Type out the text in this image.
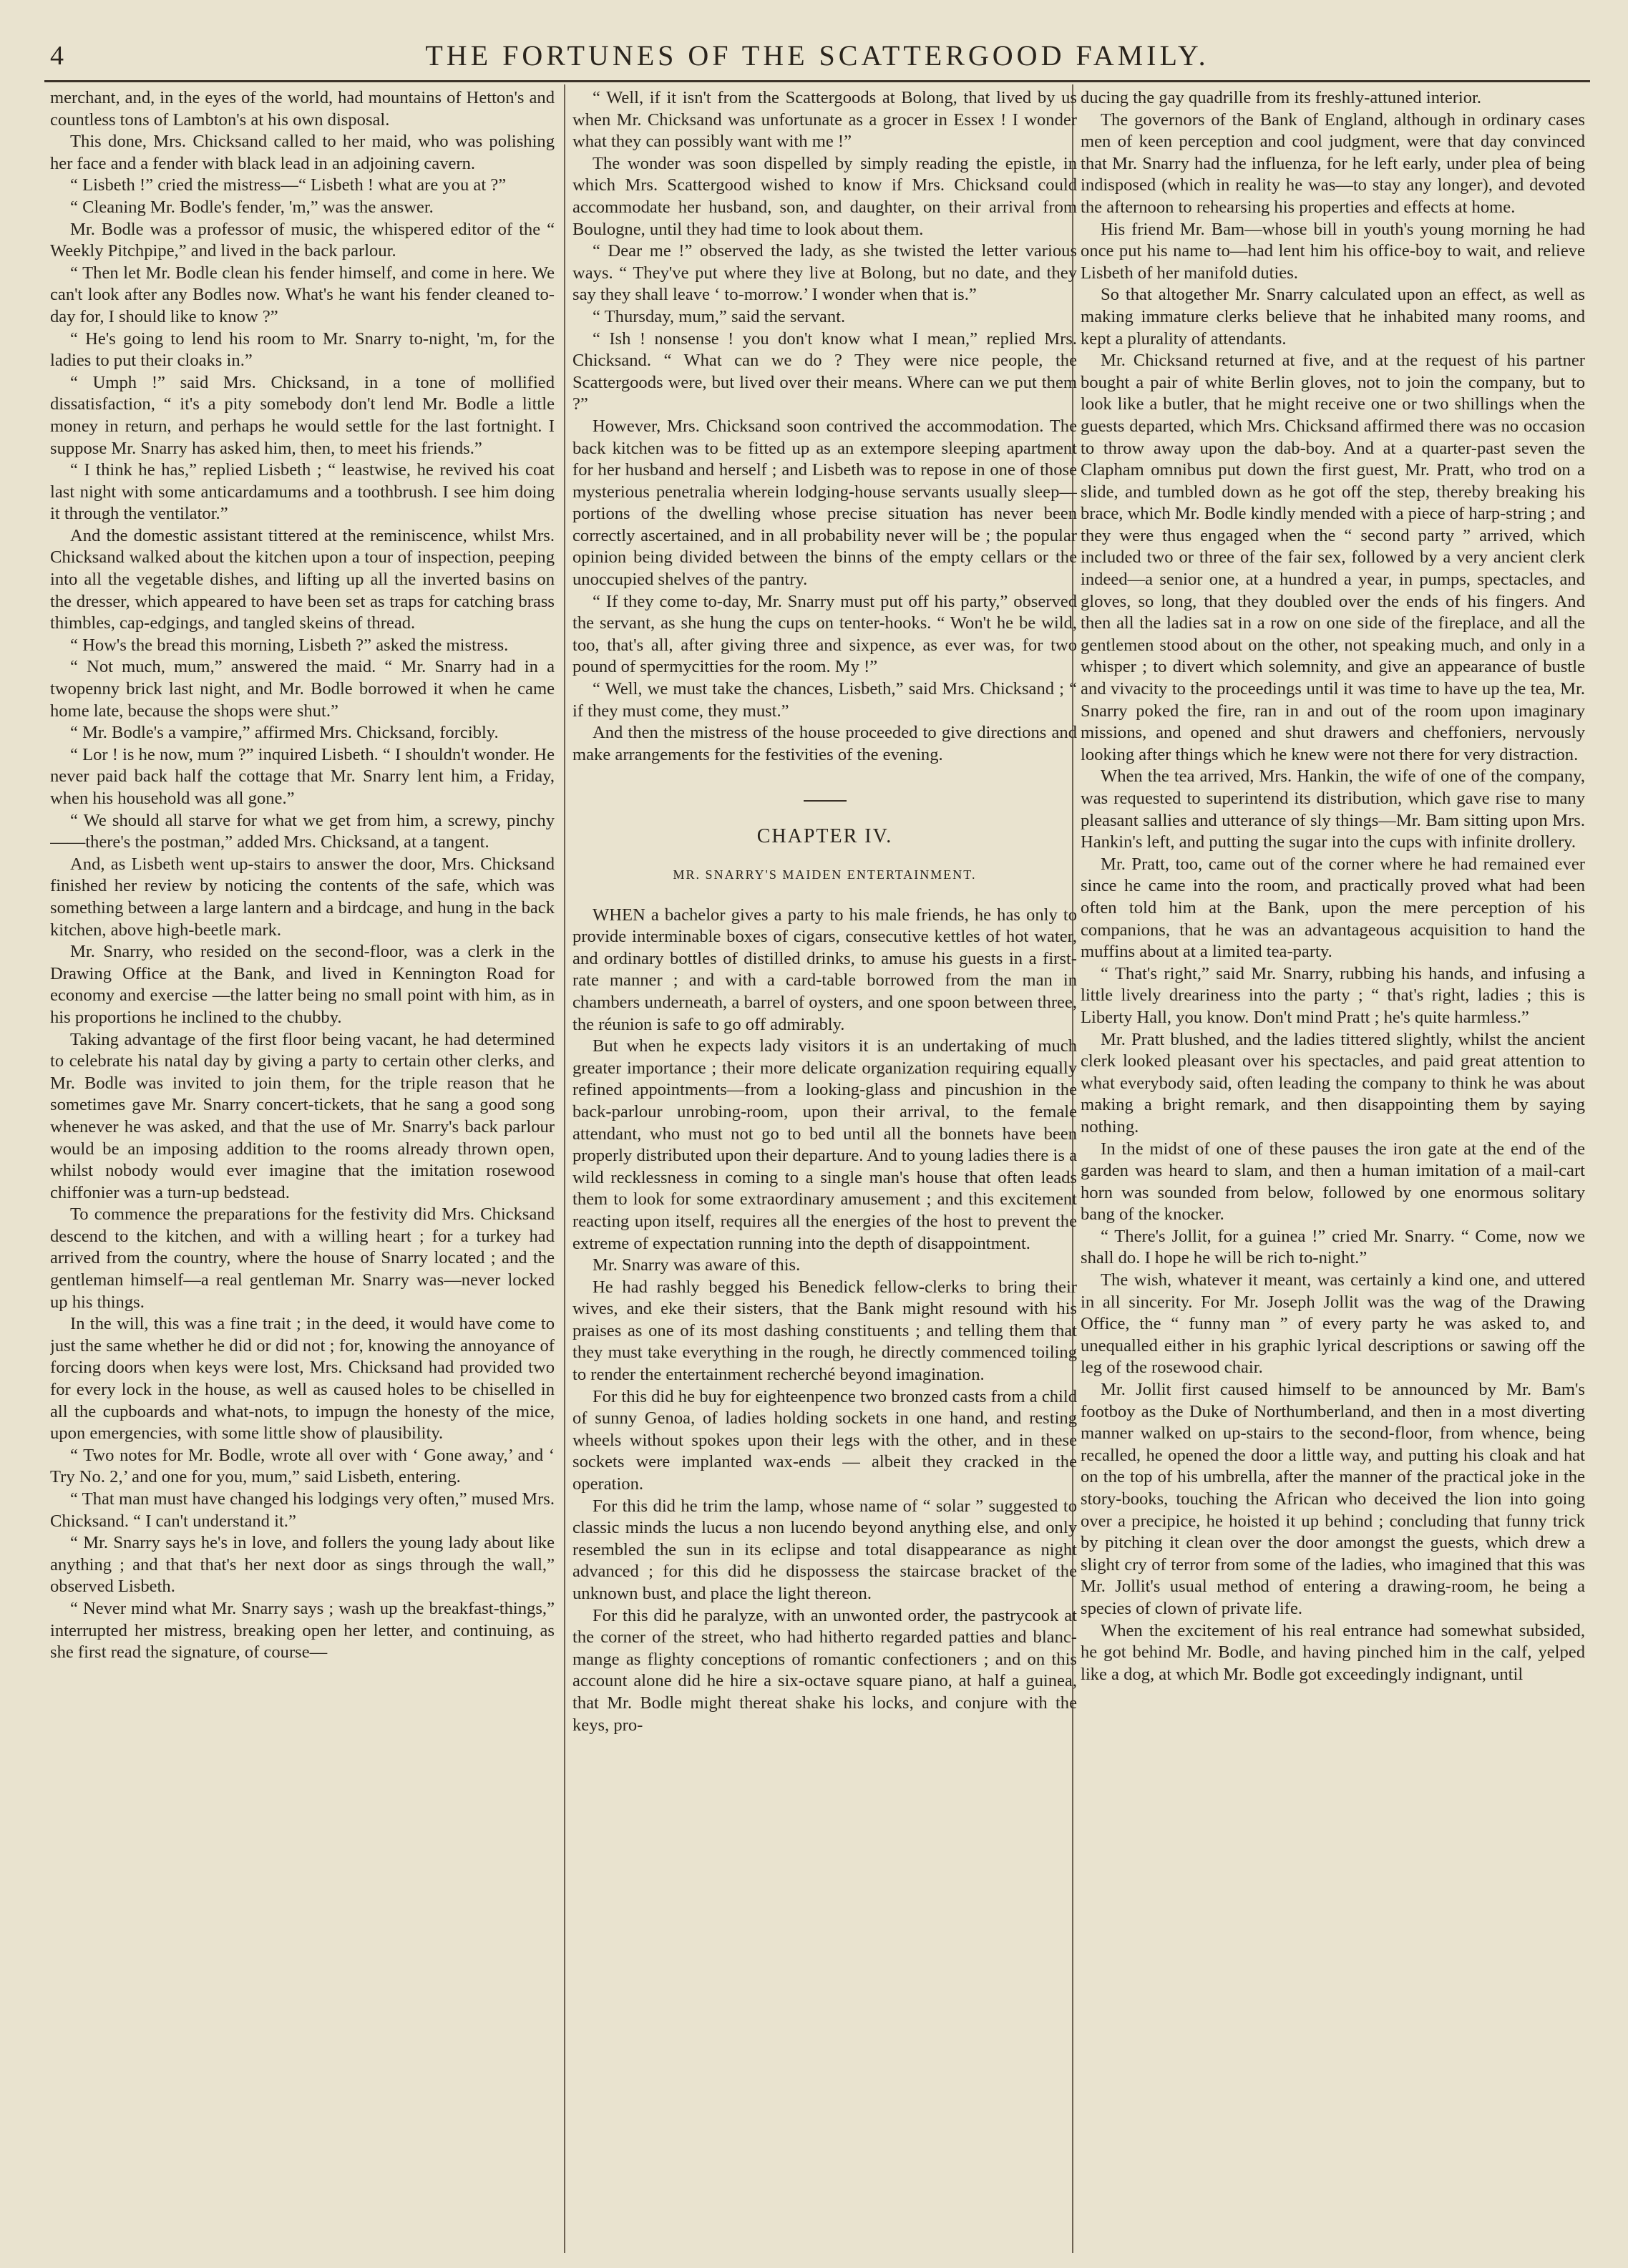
4	THE FORTUNES OF THE SCATTERGOOD FAMILY.

merchant, and, in the eyes of the world, had mountains of Hetton's and countless tons of Lambton's at his own disposal.

This done, Mrs. Chicksand called to her maid, who was polishing her face and a fender with black lead in an adjoining cavern.

“ Lisbeth !” cried the mistress—“ Lisbeth ! what are you at ?”

“ Cleaning Mr. Bodle's fender, 'm,” was the answer.

Mr. Bodle was a professor of music, the whispered editor of the “ Weekly Pitchpipe,” and lived in the back parlour.

“ Then let Mr. Bodle clean his fender himself, and come in here. We can't look after any Bodles now. What's he want his fender cleaned to-day for, I should like to know ?”

“ He's going to lend his room to Mr. Snarry to-night, 'm, for the ladies to put their cloaks in.”

“ Umph !” said Mrs. Chicksand, in a tone of mollified dissatisfaction, “ it's a pity somebody don't lend Mr. Bodle a little money in return, and perhaps he would settle for the last fortnight. I suppose Mr. Snarry has asked him, then, to meet his friends.”

“ I think he has,” replied Lisbeth ; “ leastwise, he revived his coat last night with some anticardamums and a toothbrush. I see him doing it through the ventilator.”

And the domestic assistant tittered at the reminiscence, whilst Mrs. Chicksand walked about the kitchen upon a tour of inspection, peeping into all the vegetable dishes, and lifting up all the inverted basins on the dresser, which appeared to have been set as traps for catching brass thimbles, cap-edgings, and tangled skeins of thread.

“ How's the bread this morning, Lisbeth ?” asked the mistress.

“ Not much, mum,” answered the maid. “ Mr. Snarry had in a twopenny brick last night, and Mr. Bodle borrowed it when he came home late, because the shops were shut.”

“ Mr. Bodle's a vampire,” affirmed Mrs. Chicksand, forcibly.

“ Lor ! is he now, mum ?” inquired Lisbeth. “ I shouldn't wonder. He never paid back half the cottage that Mr. Snarry lent him, a Friday, when his household was all gone.”

“ We should all starve for what we get from him, a screwy, pinchy——there's the postman,” added Mrs. Chicksand, at a tangent.

And, as Lisbeth went up-stairs to answer the door, Mrs. Chicksand finished her review by noticing the contents of the safe, which was something between a large lantern and a birdcage, and hung in the back kitchen, above high-beetle mark.

Mr. Snarry, who resided on the second-floor, was a clerk in the Drawing Office at the Bank, and lived in Kennington Road for economy and exercise —the latter being no small point with him, as in his proportions he inclined to the chubby.

Taking advantage of the first floor being vacant, he had determined to celebrate his natal day by giving a party to certain other clerks, and Mr. Bodle was invited to join them, for the triple reason that he sometimes gave Mr. Snarry concert-tickets, that he sang a good song whenever he was asked, and that the use of Mr. Snarry's back parlour would be an imposing addition to the rooms already thrown open, whilst nobody would ever imagine that the imitation rosewood chiffonier was a turn-up bedstead.

To commence the preparations for the festivity did Mrs. Chicksand descend to the kitchen, and with a willing heart ; for a turkey had arrived from the country, where the house of Snarry located ; and the gentleman himself—a real gentleman Mr. Snarry was—never locked up his things.

In the will, this was a fine trait ; in the deed, it would have come to just the same whether he did or did not ; for, knowing the annoyance of forcing doors when keys were lost, Mrs. Chicksand had provided two for every lock in the house, as well as caused holes to be chiselled in all the cupboards and what-nots, to impugn the honesty of the mice, upon emergencies, with some little show of plausibility.

“ Two notes for Mr. Bodle, wrote all over with ‘ Gone away,’ and ‘ Try No. 2,’ and one for you, mum,” said Lisbeth, entering.

“ That man must have changed his lodgings very often,” mused Mrs. Chicksand. “ I can't understand it.”

“ Mr. Snarry says he's in love, and follers the young lady about like anything ; and that that's her next door as sings through the wall,” observed Lisbeth.

“ Never mind what Mr. Snarry says ; wash up the breakfast-things,” interrupted her mistress, breaking open her letter, and continuing, as she first read the signature, of course—

“ Well, if it isn't from the Scattergoods at Bolong, that lived by us when Mr. Chicksand was unfortunate as a grocer in Essex ! I wonder what they can possibly want with me !”

The wonder was soon dispelled by simply reading the epistle, in which Mrs. Scattergood wished to know if Mrs. Chicksand could accommodate her husband, son, and daughter, on their arrival from Boulogne, until they had time to look about them.

“ Dear me !” observed the lady, as she twisted the letter various ways. “ They've put where they live at Bolong, but no date, and they say they shall leave ‘ to-morrow.’ I wonder when that is.”

“ Thursday, mum,” said the servant.

“ Ish ! nonsense ! you don't know what I mean,” replied Mrs. Chicksand. “ What can we do ? They were nice people, the Scattergoods were, but lived over their means. Where can we put them ?”

However, Mrs. Chicksand soon contrived the accommodation. The back kitchen was to be fitted up as an extempore sleeping apartment for her husband and herself ; and Lisbeth was to repose in one of those mysterious penetralia wherein lodging-house servants usually sleep—portions of the dwelling whose precise situation has never been correctly ascertained, and in all probability never will be ; the popular opinion being divided between the binns of the empty cellars or the unoccupied shelves of the pantry.

“ If they come to-day, Mr. Snarry must put off his party,” observed the servant, as she hung the cups on tenter-hooks. “ Won't he be wild, too, that's all, after giving three and sixpence, as ever was, for two pound of spermycitties for the room. My !”

“ Well, we must take the chances, Lisbeth,” said Mrs. Chicksand ; “ if they must come, they must.”

And then the mistress of the house proceeded to give directions and make arrangements for the festivities of the evening.

CHAPTER IV.
MR. SNARRY'S MAIDEN ENTERTAINMENT.

WHEN a bachelor gives a party to his male friends, he has only to provide interminable boxes of cigars, consecutive kettles of hot water, and ordinary bottles of distilled drinks, to amuse his guests in a first-rate manner ; and with a card-table borrowed from the man in chambers underneath, a barrel of oysters, and one spoon between three, the réunion is safe to go off admirably.

But when he expects lady visitors it is an undertaking of much greater importance ; their more delicate organization requiring equally refined appointments—from a looking-glass and pincushion in the back-parlour unrobing-room, upon their arrival, to the female attendant, who must not go to bed until all the bonnets have been properly distributed upon their departure. And to young ladies there is a wild recklessness in coming to a single man's house that often leads them to look for some extraordinary amusement ; and this excitement reacting upon itself, requires all the energies of the host to prevent the extreme of expectation running into the depth of disappointment.

Mr. Snarry was aware of this.

He had rashly begged his Benedick fellow-clerks to bring their wives, and eke their sisters, that the Bank might resound with his praises as one of its most dashing constituents ; and telling them that they must take everything in the rough, he directly commenced toiling to render the entertainment recherché beyond imagination.

For this did he buy for eighteenpence two bronzed casts from a child of sunny Genoa, of ladies holding sockets in one hand, and resting wheels without spokes upon their legs with the other, and in these sockets were implanted wax-ends — albeit they cracked in the operation.

For this did he trim the lamp, whose name of “ solar ” suggested to classic minds the lucus a non lucendo beyond anything else, and only resembled the sun in its eclipse and total disappearance as night advanced ; for this did he dispossess the staircase bracket of the unknown bust, and place the light thereon.

For this did he paralyze, with an unwonted order, the pastrycook at the corner of the street, who had hitherto regarded patties and blanc-mange as flighty conceptions of romantic confectioners ; and on this account alone did he hire a six-octave square piano, at half a guinea, that Mr. Bodle might thereat shake his locks, and conjure with the keys, pro-

ducing the gay quadrille from its freshly-attuned interior.

The governors of the Bank of England, although in ordinary cases men of keen perception and cool judgment, were that day convinced that Mr. Snarry had the influenza, for he left early, under plea of being indisposed (which in reality he was—to stay any longer), and devoted the afternoon to rehearsing his properties and effects at home.

His friend Mr. Bam—whose bill in youth's young morning he had once put his name to—had lent him his office-boy to wait, and relieve Lisbeth of her manifold duties.

So that altogether Mr. Snarry calculated upon an effect, as well as making immature clerks believe that he inhabited many rooms, and kept a plurality of attendants.

Mr. Chicksand returned at five, and at the request of his partner bought a pair of white Berlin gloves, not to join the company, but to look like a butler, that he might receive one or two shillings when the guests departed, which Mrs. Chicksand affirmed there was no occasion to throw away upon the dab-boy. And at a quarter-past seven the Clapham omnibus put down the first guest, Mr. Pratt, who trod on a slide, and tumbled down as he got off the step, thereby breaking his brace, which Mr. Bodle kindly mended with a piece of harp-string ; and they were thus engaged when the “ second party ” arrived, which included two or three of the fair sex, followed by a very ancient clerk indeed—a senior one, at a hundred a year, in pumps, spectacles, and gloves, so long, that they doubled over the ends of his fingers. And then all the ladies sat in a row on one side of the fireplace, and all the gentlemen stood about on the other, not speaking much, and only in a whisper ; to divert which solemnity, and give an appearance of bustle and vivacity to the proceedings until it was time to have up the tea, Mr. Snarry poked the fire, ran in and out of the room upon imaginary missions, and opened and shut drawers and cheffoniers, nervously looking after things which he knew were not there for very distraction.

When the tea arrived, Mrs. Hankin, the wife of one of the company, was requested to superintend its distribution, which gave rise to many pleasant sallies and utterance of sly things—Mr. Bam sitting upon Mrs. Hankin's left, and putting the sugar into the cups with infinite drollery.

Mr. Pratt, too, came out of the corner where he had remained ever since he came into the room, and practically proved what had been often told him at the Bank, upon the mere perception of his companions, that he was an advantageous acquisition to hand the muffins about at a limited tea-party.

“ That's right,” said Mr. Snarry, rubbing his hands, and infusing a little lively dreariness into the party ; “ that's right, ladies ; this is Liberty Hall, you know. Don't mind Pratt ; he's quite harmless.”

Mr. Pratt blushed, and the ladies tittered slightly, whilst the ancient clerk looked pleasant over his spectacles, and paid great attention to what everybody said, often leading the company to think he was about making a bright remark, and then disappointing them by saying nothing.

In the midst of one of these pauses the iron gate at the end of the garden was heard to slam, and then a human imitation of a mail-cart horn was sounded from below, followed by one enormous solitary bang of the knocker.

“ There's Jollit, for a guinea !” cried Mr. Snarry. “ Come, now we shall do. I hope he will be rich to-night.”

The wish, whatever it meant, was certainly a kind one, and uttered in all sincerity. For Mr. Joseph Jollit was the wag of the Drawing Office, the “ funny man ” of every party he was asked to, and unequalled either in his graphic lyrical descriptions or sawing off the leg of the rosewood chair.

Mr. Jollit first caused himself to be announced by Mr. Bam's footboy as the Duke of Northumberland, and then in a most diverting manner walked on up-stairs to the second-floor, from whence, being recalled, he opened the door a little way, and putting his cloak and hat on the top of his umbrella, after the manner of the practical joke in the story-books, touching the African who deceived the lion into going over a precipice, he hoisted it up behind ; concluding that funny trick by pitching it clean over the door amongst the guests, which drew a slight cry of terror from some of the ladies, who imagined that this was Mr. Jollit's usual method of entering a drawing-room, he being a species of clown of private life.

When the excitement of his real entrance had somewhat subsided, he got behind Mr. Bodle, and having pinched him in the calf, yelped like a dog, at which Mr. Bodle got exceedingly indignant, until
